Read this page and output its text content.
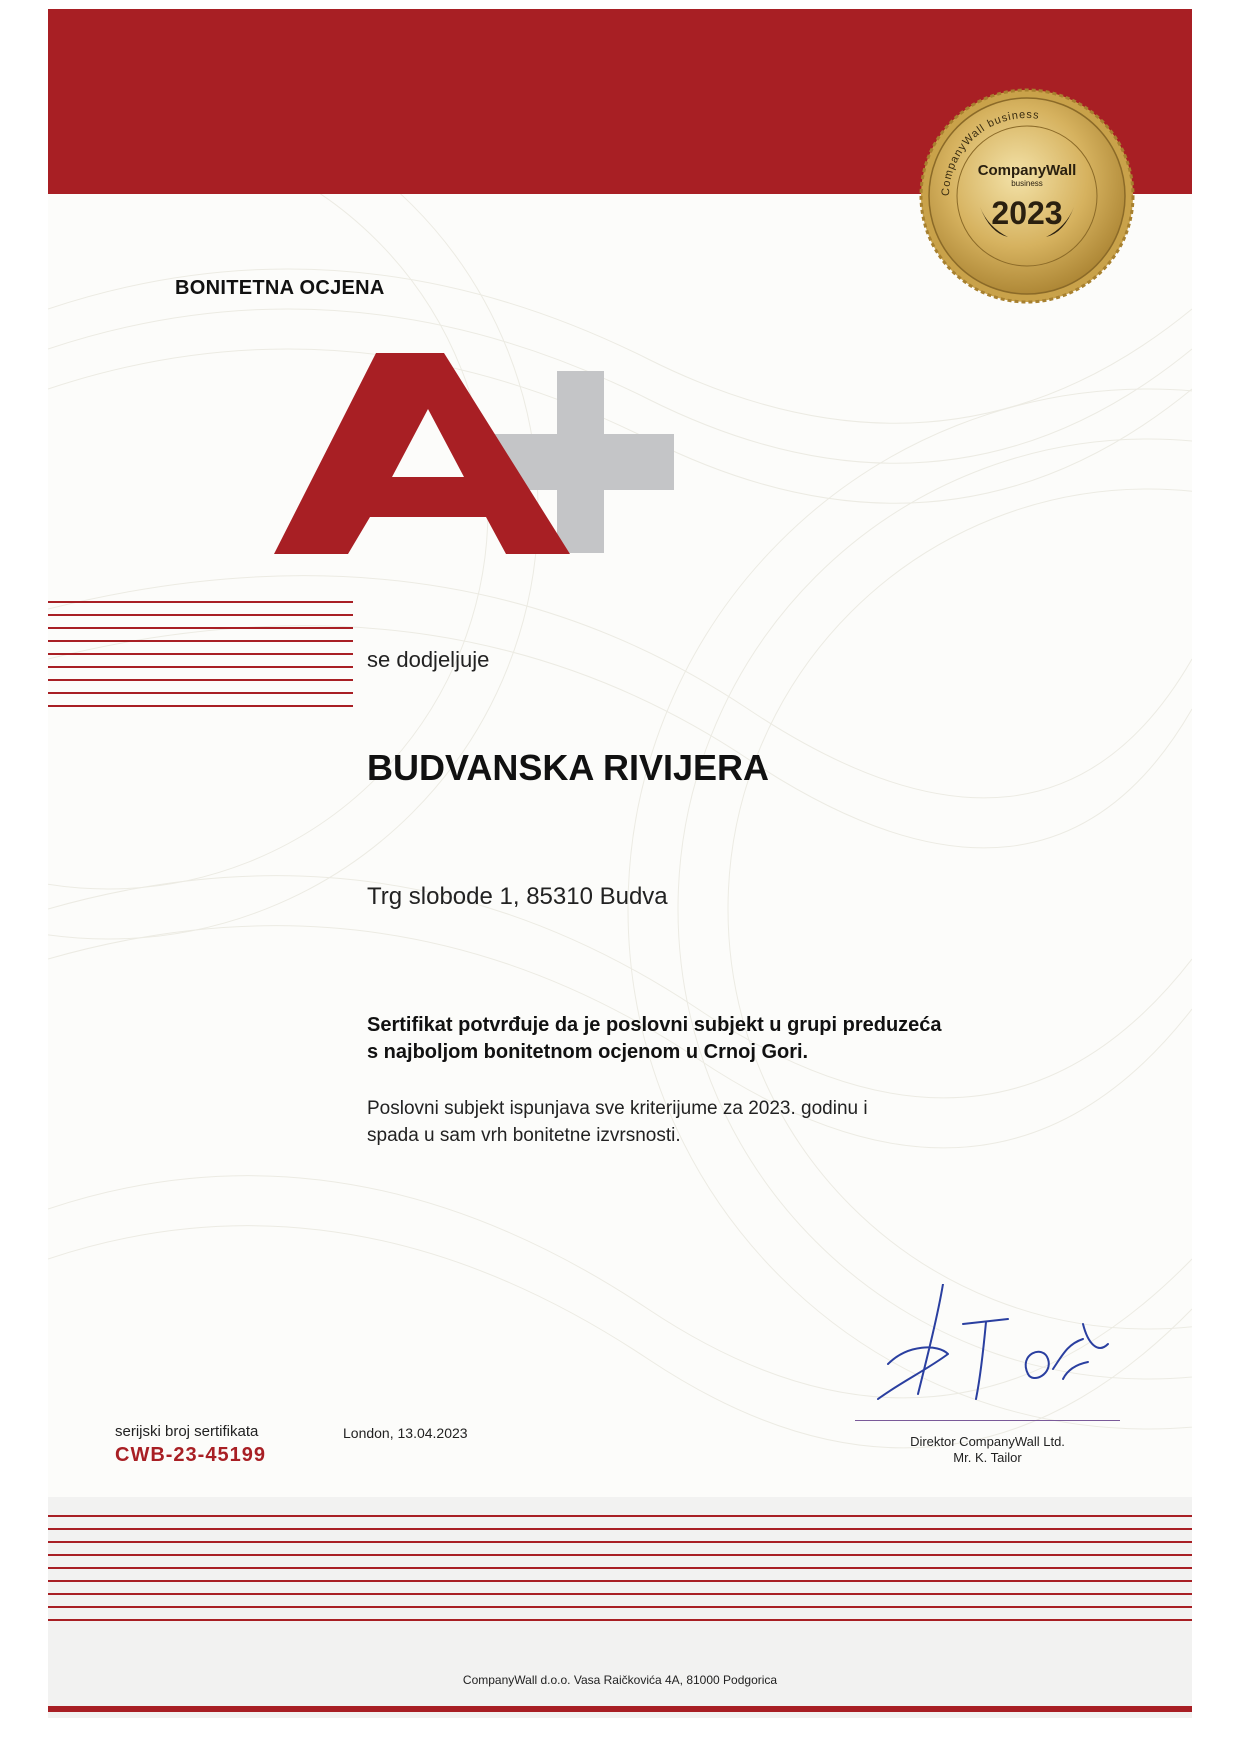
CompanyWall business
CompanyWall
business
2023
BONITETNA OCJENA
se dodjeljuje
BUDVANSKA RIVIJERA
Trg slobode 1, 85310 Budva
Sertifikat potvrđuje da je poslovni subjekt u grupi preduzeća
s najboljom bonitetnom ocjenom u Crnoj Gori.
Poslovni subjekt ispunjava sve kriterijume za 2023. godinu i
spada u sam vrh bonitetne izvrsnosti.
serijski broj sertifikata
CWB-23-45199
London, 13.04.2023
Direktor CompanyWall Ltd.
Mr. K. Tailor
CompanyWall d.o.o. Vasa Raičkovića 4A, 81000 Podgorica
